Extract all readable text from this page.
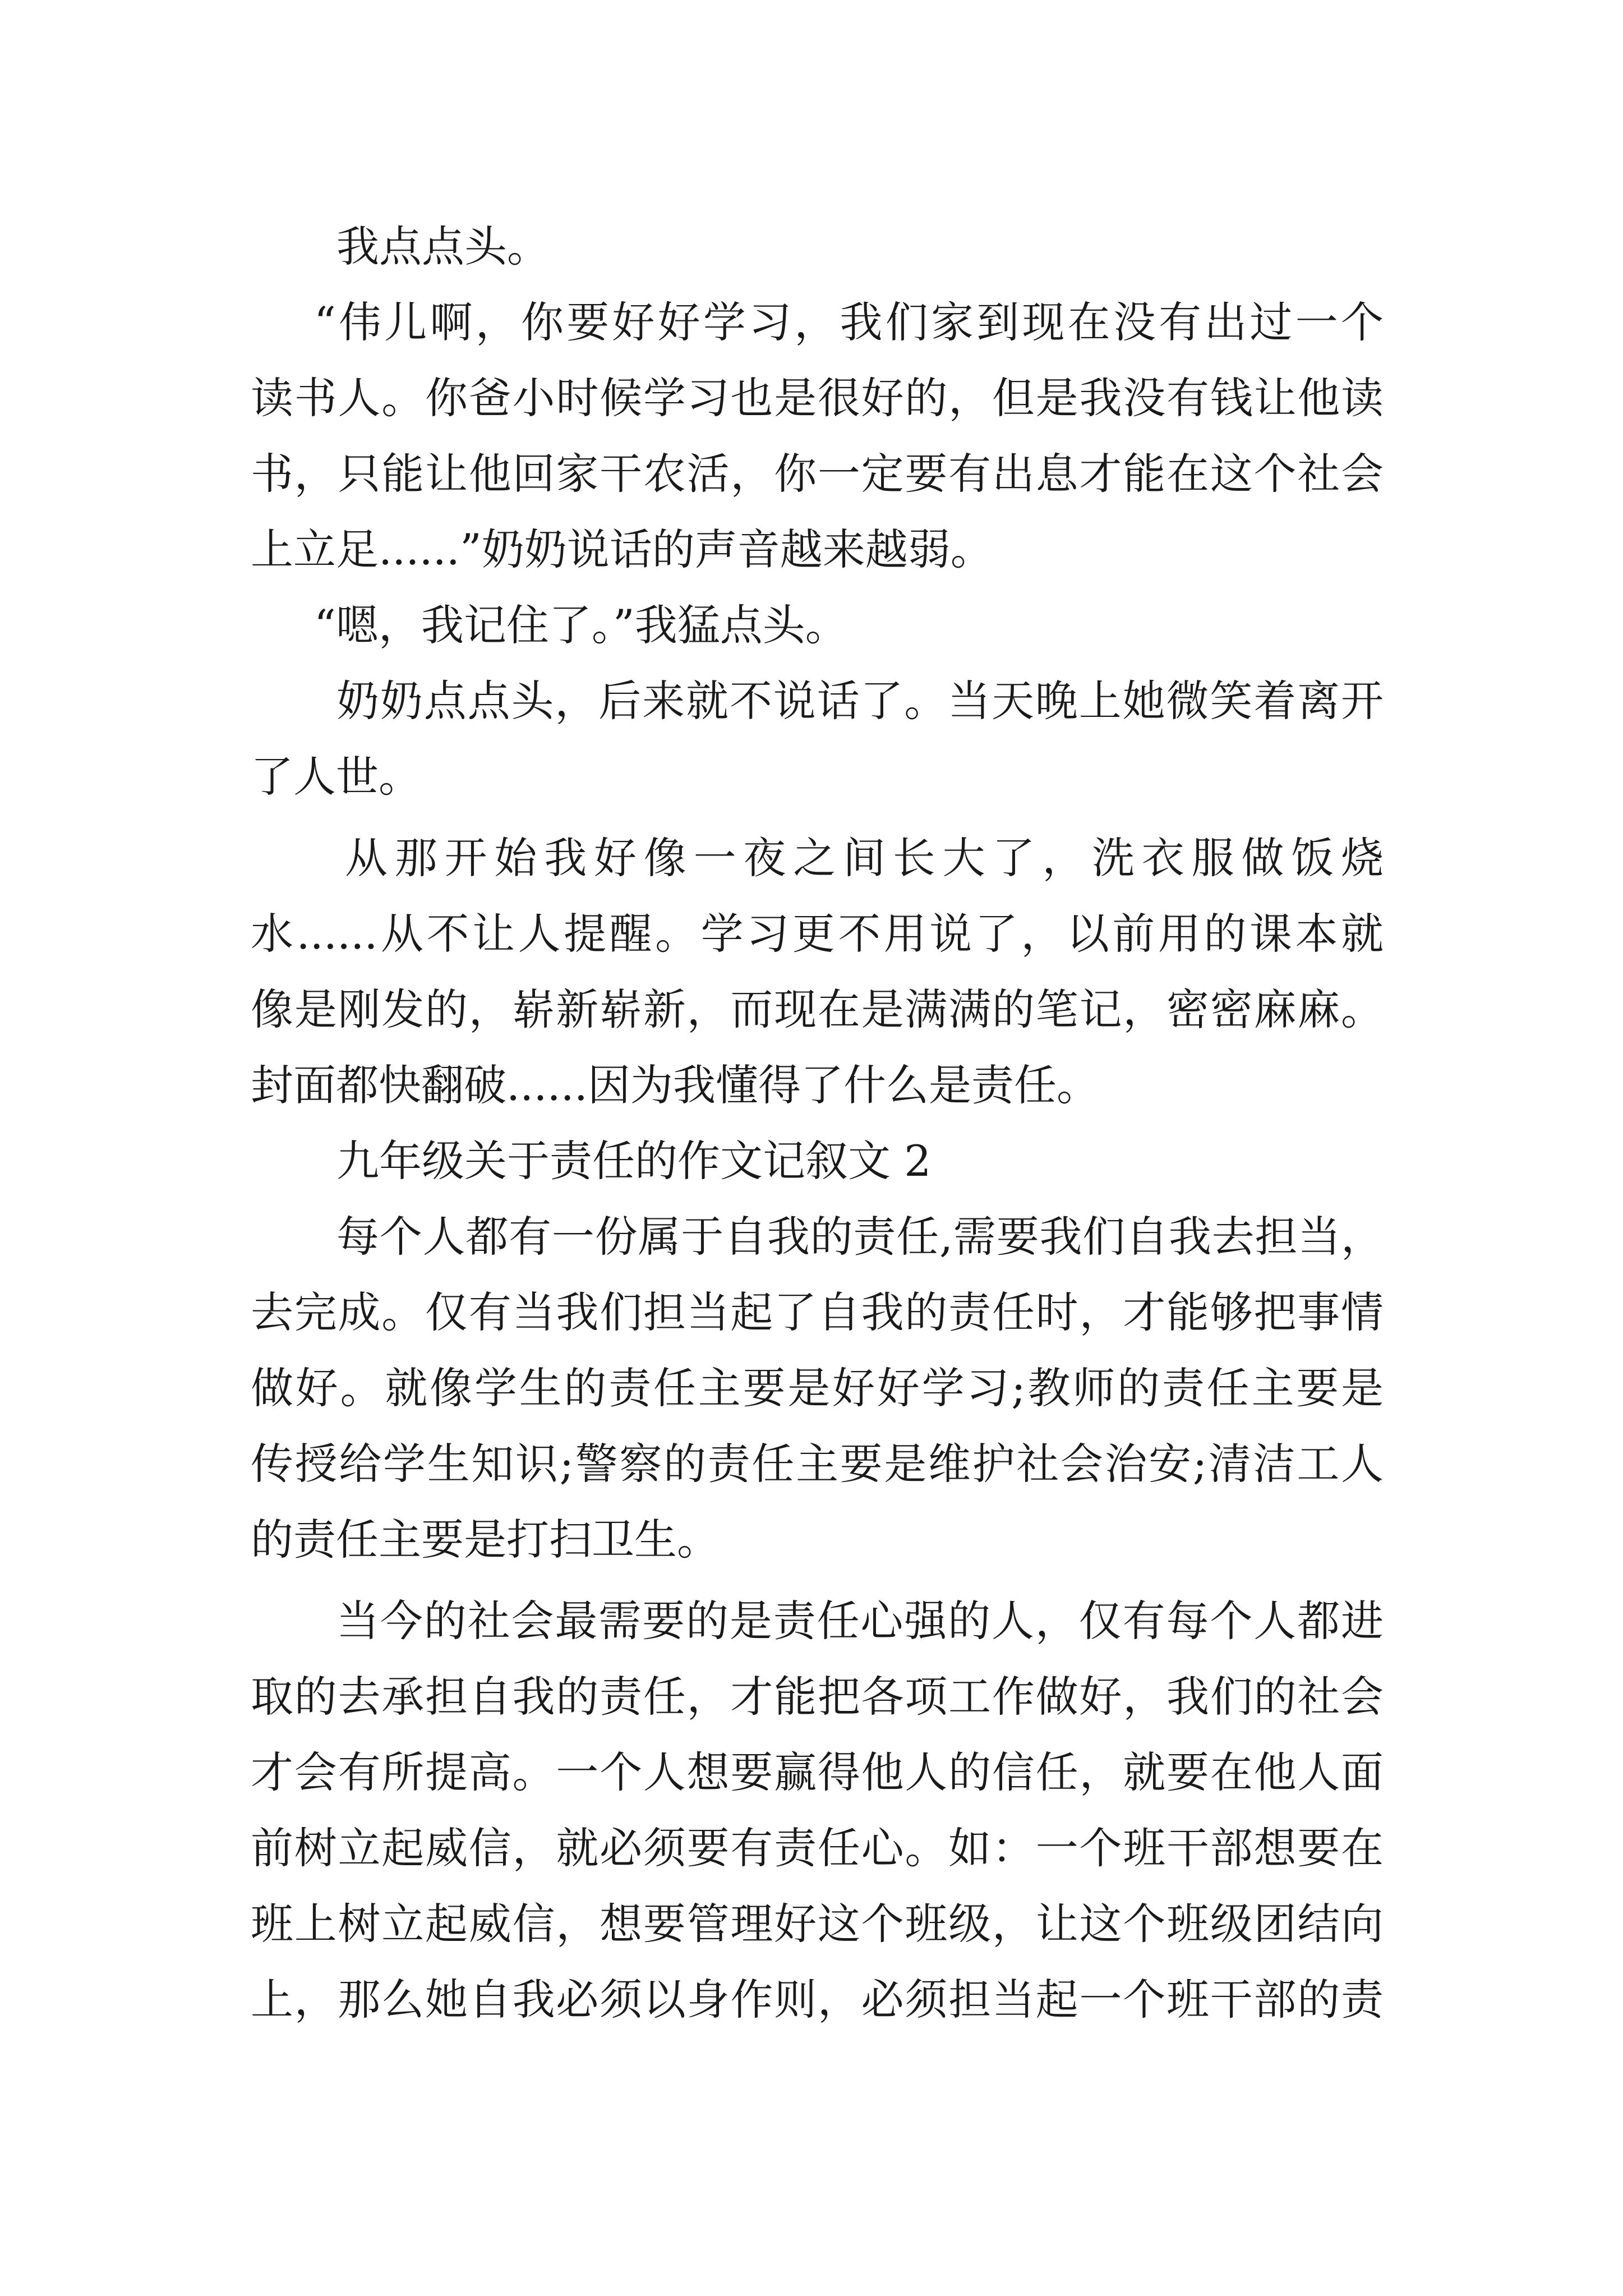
我点点头。
“伟儿啊，你要好好学习，我们家到现在没有出过一个
读书人。你爸小时候学习也是很好的，但是我没有钱让他读
书，只能让他回家干农活，你一定要有出息才能在这个社会
上立足......”奶奶说话的声音越来越弱。
“嗯，我记住了。”我猛点头。
奶奶点点头，后来就不说话了。当天晚上她微笑着离开
了人世。
从那开始我好像一夜之间长大了，洗衣服做饭烧
水......从不让人提醒。学习更不用说了，以前用的课本就
像是刚发的，崭新崭新，而现在是满满的笔记，密密麻麻。
封面都快翻破......因为我懂得了什么是责任。
九年级关于责任的作文记叙文 2
每个人都有一份属于自我的责任,需要我们自我去担当，
去完成。仅有当我们担当起了自我的责任时，才能够把事情
做好。就像学生的责任主要是好好学习;教师的责任主要是
传授给学生知识;警察的责任主要是维护社会治安;清洁工人
的责任主要是打扫卫生。
当今的社会最需要的是责任心强的人，仅有每个人都进
取的去承担自我的责任，才能把各项工作做好，我们的社会
才会有所提高。一个人想要赢得他人的信任，就要在他人面
前树立起威信，就必须要有责任心。如：一个班干部想要在
班上树立起威信，想要管理好这个班级，让这个班级团结向
上，那么她自我必须以身作则，必须担当起一个班干部的责
